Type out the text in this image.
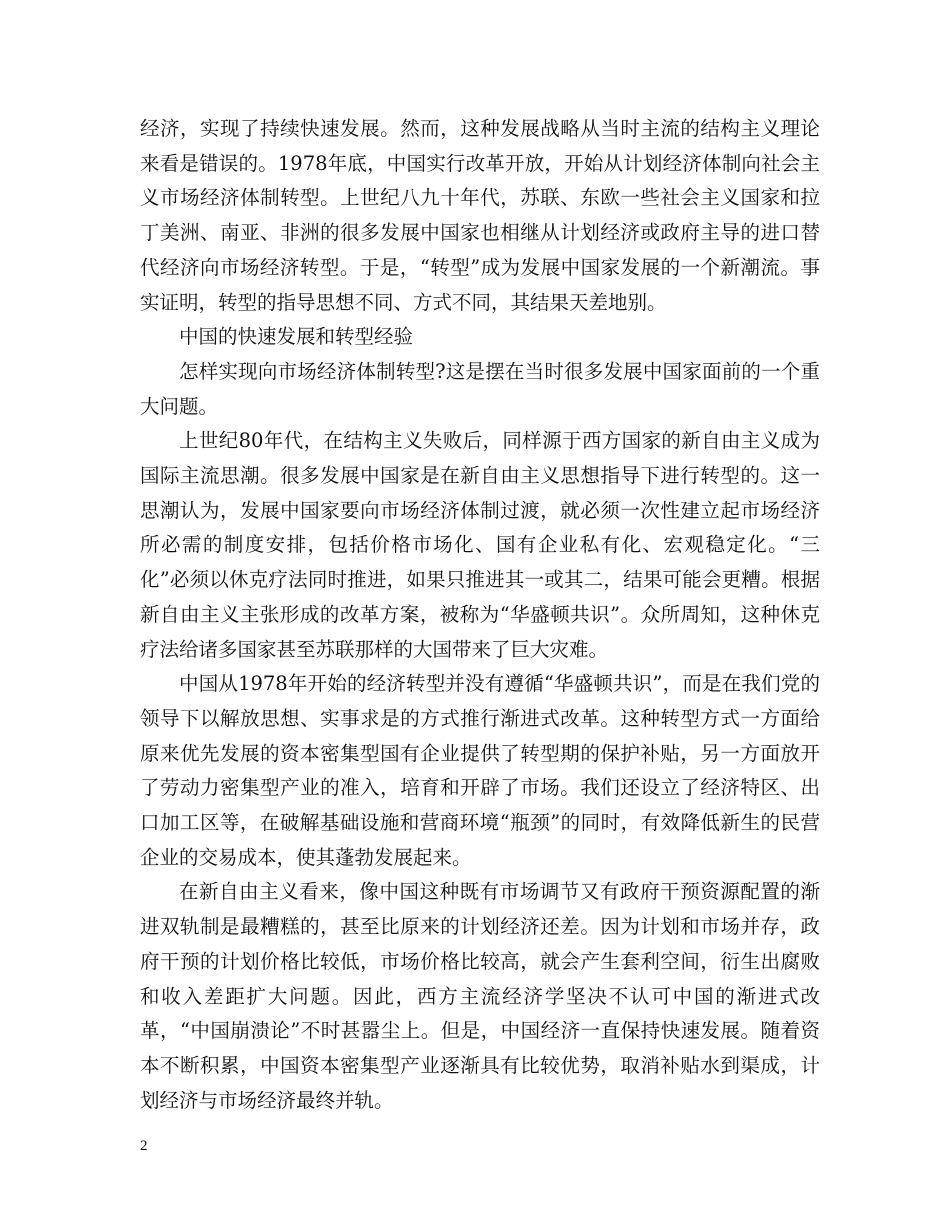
经济，实现了持续快速发展。然而，这种发展战略从当时主流的结构主义理论来看是错误的。1978年底，中国实行改革开放，开始从计划经济体制向社会主义市场经济体制转型。上世纪八九十年代，苏联、东欧一些社会主义国家和拉丁美洲、南亚、非洲的很多发展中国家也相继从计划经济或政府主导的进口替代经济向市场经济转型。于是，“转型”成为发展中国家发展的一个新潮流。事实证明，转型的指导思想不同、方式不同，其结果天差地别。

中国的快速发展和转型经验

怎样实现向市场经济体制转型?这是摆在当时很多发展中国家面前的一个重大问题。

上世纪80年代，在结构主义失败后，同样源于西方国家的新自由主义成为国际主流思潮。很多发展中国家是在新自由主义思想指导下进行转型的。这一思潮认为，发展中国家要向市场经济体制过渡，就必须一次性建立起市场经济所必需的制度安排，包括价格市场化、国有企业私有化、宏观稳定化。“三化”必须以休克疗法同时推进，如果只推进其一或其二，结果可能会更糟。根据新自由主义主张形成的改革方案，被称为“华盛顿共识”。众所周知，这种休克疗法给诸多国家甚至苏联那样的大国带来了巨大灾难。

中国从1978年开始的经济转型并没有遵循“华盛顿共识”，而是在我们党的领导下以解放思想、实事求是的方式推行渐进式改革。这种转型方式一方面给原来优先发展的资本密集型国有企业提供了转型期的保护补贴，另一方面放开了劳动力密集型产业的准入，培育和开辟了市场。我们还设立了经济特区、出口加工区等，在破解基础设施和营商环境“瓶颈”的同时，有效降低新生的民营企业的交易成本，使其蓬勃发展起来。

在新自由主义看来，像中国这种既有市场调节又有政府干预资源配置的渐进双轨制是最糟糕的，甚至比原来的计划经济还差。因为计划和市场并存，政府干预的计划价格比较低，市场价格比较高，就会产生套利空间，衍生出腐败和收入差距扩大问题。因此，西方主流经济学坚决不认可中国的渐进式改革，“中国崩溃论”不时甚嚣尘上。但是，中国经济一直保持快速发展。随着资本不断积累，中国资本密集型产业逐渐具有比较优势，取消补贴水到渠成，计划经济与市场经济最终并轨。

2
